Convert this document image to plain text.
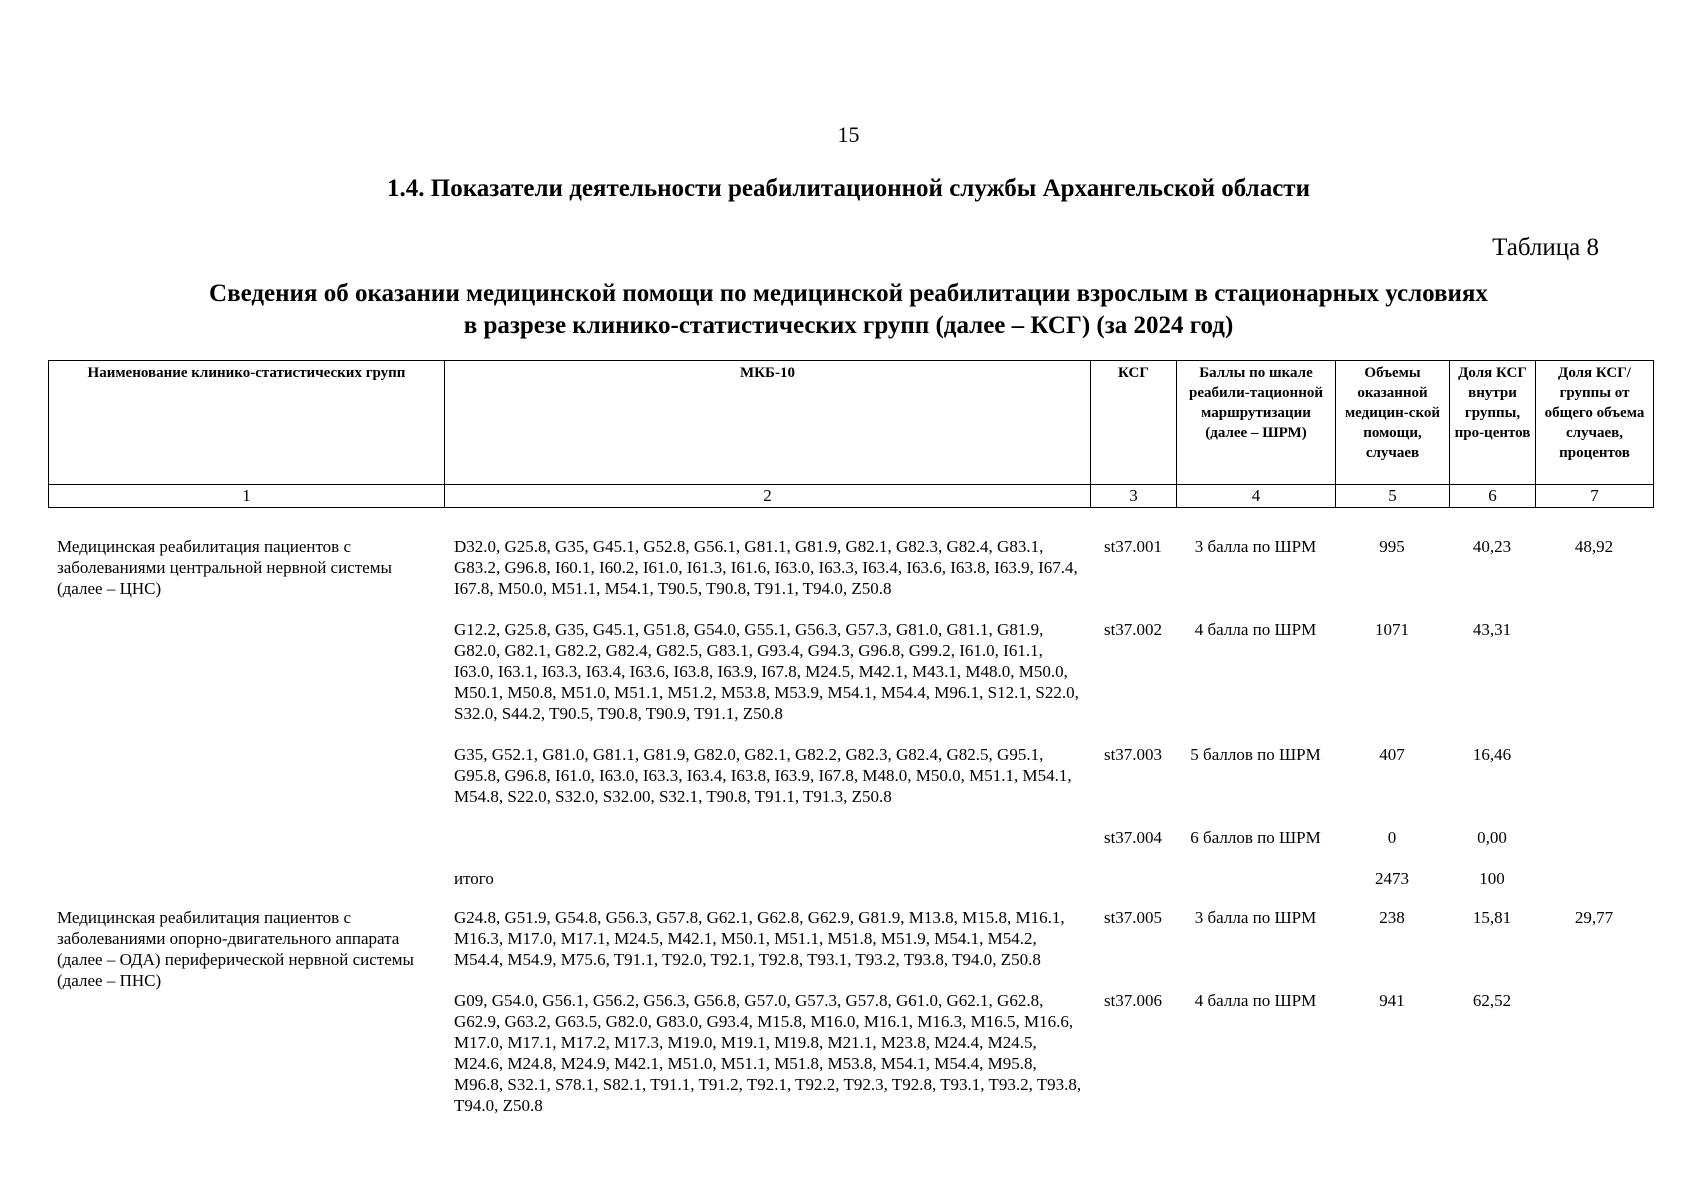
15
1.4. Показатели деятельности реабилитационной службы Архангельской области
Таблица 8
Сведения об оказании медицинской помощи по медицинской реабилитации взрослым в стационарных условиях
в разрезе клинико-статистических групп (далее – КСГ) (за 2024 год)
Наименование клинико-статистических групп	МКБ-10	КСГ	Баллы по шкале реабили-тационной маршрутизации (далее – ШРМ)	Объемы оказанной медицин-ской помощи, случаев	Доля КСГ внутри группы, про-центов	Доля КСГ/ группы от общего объема случаев, процентов
1	2	3	4	5	6	7
Медицинская реабилитация пациентов с заболеваниями центральной нервной системы (далее – ЦНС)	D32.0, G25.8, G35, G45.1, G52.8, G56.1, G81.1, G81.9, G82.1, G82.3, G82.4, G83.1, G83.2, G96.8, I60.1, I60.2, I61.0, I61.3, I61.6, I63.0, I63.3, I63.4, I63.6, I63.8, I63.9, I67.4, I67.8, M50.0, M51.1, M54.1, T90.5, T90.8, T91.1, T94.0, Z50.8	st37.001	3 балла по ШРМ	995	40,23	48,92
	G12.2, G25.8, G35, G45.1, G51.8, G54.0, G55.1, G56.3, G57.3, G81.0, G81.1, G81.9, G82.0, G82.1, G82.2, G82.4, G82.5, G83.1, G93.4, G94.3, G96.8, G99.2, I61.0, I61.1, I63.0, I63.1, I63.3, I63.4, I63.6, I63.8, I63.9, I67.8, M24.5, M42.1, M43.1, M48.0, M50.0, M50.1, M50.8, M51.0, M51.1, M51.2, M53.8, M53.9, M54.1, M54.4, M96.1, S12.1, S22.0, S32.0, S44.2, T90.5, T90.8, T90.9, T91.1, Z50.8	st37.002	4 балла по ШРМ	1071	43,31	
	G35, G52.1, G81.0, G81.1, G81.9, G82.0, G82.1, G82.2, G82.3, G82.4, G82.5, G95.1, G95.8, G96.8, I61.0, I63.0, I63.3, I63.4, I63.8, I63.9, I67.8, M48.0, M50.0, M51.1, M54.1, M54.8, S22.0, S32.0, S32.00, S32.1, T90.8, T91.1, T91.3, Z50.8	st37.003	5 баллов по ШРМ	407	16,46	
		st37.004	6 баллов по ШРМ	0	0,00	
	итого			2473	100	
Медицинская реабилитация пациентов с заболеваниями опорно-двигательного аппарата (далее – ОДА) периферической нервной системы (далее – ПНС)	G24.8, G51.9, G54.8, G56.3, G57.8, G62.1, G62.8, G62.9, G81.9, M13.8, M15.8, M16.1, M16.3, M17.0, M17.1, M24.5, M42.1, M50.1, M51.1, M51.8, M51.9, M54.1, M54.2, M54.4, M54.9, M75.6, T91.1, T92.0, T92.1, T92.8, T93.1, T93.2, T93.8, T94.0, Z50.8	st37.005	3 балла по ШРМ	238	15,81	29,77
	G09, G54.0, G56.1, G56.2, G56.3, G56.8, G57.0, G57.3, G57.8, G61.0, G62.1, G62.8, G62.9, G63.2, G63.5, G82.0, G83.0, G93.4, M15.8, M16.0, M16.1, M16.3, M16.5, M16.6, M17.0, M17.1, M17.2, M17.3, M19.0, M19.1, M19.8, M21.1, M23.8, M24.4, M24.5, M24.6, M24.8, M24.9, M42.1, M51.0, M51.1, M51.8, M53.8, M54.1, M54.4, M95.8, M96.8, S32.1, S78.1, S82.1, T91.1, T91.2, T92.1, T92.2, T92.3, T92.8, T93.1, T93.2, T93.8, T94.0, Z50.8	st37.006	4 балла по ШРМ	941	62,52	
